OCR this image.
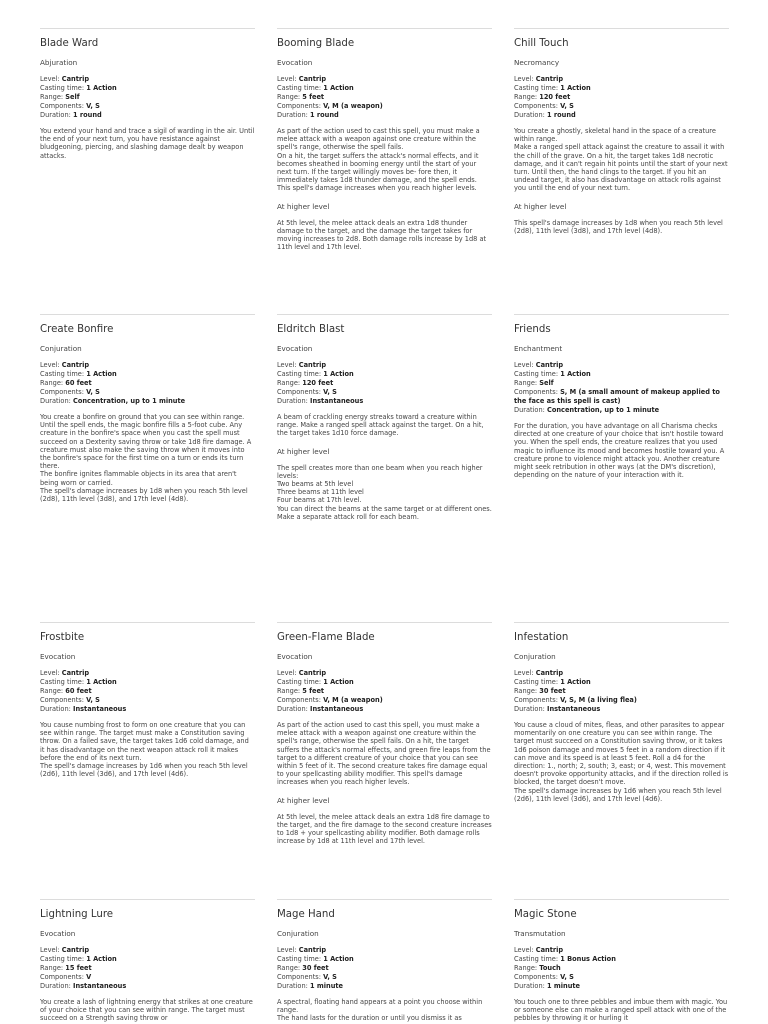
Blade Ward
Abjuration
Level: Cantrip
Casting time: 1 Action
Range: Self
Components: V, S
Duration: 1 round

You extend your hand and trace a sigil of warding in the air. Until the end of your next turn, you have resistance against bludgeoning, piercing, and slashing damage dealt by weapon attacks.

Booming Blade
Evocation
Level: Cantrip
Casting time: 1 Action
Range: 5 feet
Components: V, M (a weapon)
Duration: 1 round

As part of the action used to cast this spell, you must make a melee attack with a weapon against one creature within the spell's range, otherwise the spell fails.

On a hit, the target suffers the attack's normal effects, and it becomes sheathed in booming energy until the start of your next turn. If the target willingly moves be- fore then, it immediately takes 1d8 thunder damage, and the spell ends.

This spell's damage increases when you reach higher levels.

At higher level
At 5th level, the melee attack deals an extra 1d8 thunder damage to the target, and the damage the target takes for moving increases to 2d8. Both damage rolls increase by 1d8 at 11th level and 17th level.
Chill Touch
Necromancy
Level: Cantrip
Casting time: 1 Action
Range: 120 feet
Components: V, S
Duration: 1 round

You create a ghostly, skeletal hand in the space of a creature within range.

Make a ranged spell attack against the creature to assail it with the chill of the grave. On a hit, the target takes 1d8 necrotic damage, and it can't regain hit points until the start of your next turn. Until then, the hand clings to the target. If you hit an undead target, it also has disadvantage on attack rolls against you until the end of your next turn.

At higher level
This spell's damage increases by 1d8 when you reach 5th level (2d8), 11th level (3d8), and 17th level (4d8).
Create Bonfire
Conjuration
Level: Cantrip
Casting time: 1 Action
Range: 60 feet
Components: V, S
Duration: Concentration, up to 1 minute

You create a bonfire on ground that you can see within range. Until the spell ends, the magic bonfire fills a 5-foot cube. Any creature in the bonfire's space when you cast the spell must succeed on a Dexterity saving throw or take 1d8 fire damage. A creature must also make the saving throw when it moves into the bonfire's space for the first time on a turn or ends its turn there.

The bonfire ignites flammable objects in its area that aren't being worn or carried.

The spell's damage increases by 1d8 when you reach 5th level (2d8), 11th level (3d8), and 17th level (4d8).

Eldritch Blast
Evocation
Level: Cantrip
Casting time: 1 Action
Range: 120 feet
Components: V, S
Duration: Instantaneous

A beam of crackling energy streaks toward a creature within range. Make a ranged spell attack against the target. On a hit, the target takes 1d10 force damage.

At higher level

The spell creates more than one beam when you reach higher levels:

Two beams at 5th level

Three beams at 11th level

Four beams at 17th level.

You can direct the beams at the same target or at different ones. Make a separate attack roll for each beam.

Friends
Enchantment
Level: Cantrip
Casting time: 1 Action
Range: Self
Components: S, M (a small amount of makeup applied to the face as this spell is cast)
Duration: Concentration, up to 1 minute

For the duration, you have advantage on all Charisma checks directed at one creature of your choice that isn't hostile toward you. When the spell ends, the creature realizes that you used magic to influence its mood and becomes hostile toward you. A creature prone to violence might attack you. Another creature might seek retribution in other ways (at the DM's discretion), depending on the nature of your interaction with it.

Frostbite
Evocation
Level: Cantrip
Casting time: 1 Action
Range: 60 feet
Components: V, S
Duration: Instantaneous

You cause numbing frost to form on one creature that you can see within range. The target must make a Constitution saving throw. On a failed save, the target takes 1d6 cold damage, and it has disadvantage on the next weapon attack roll it makes before the end of its next turn.

The spell's damage increases by 1d6 when you reach 5th level (2d6), 11th level (3d6), and 17th level (4d6).

Green-Flame Blade
Evocation
Level: Cantrip
Casting time: 1 Action
Range: 5 feet
Components: V, M (a weapon)
Duration: Instantaneous

As part of the action used to cast this spell, you must make a melee attack with a weapon against one creature within the spell's range, otherwise the spell fails. On a hit, the target suffers the attack's normal effects, and green fire leaps from the target to a different creature of your choice that you can see within 5 feet of it. The second creature takes fire damage equal to your spellcasting ability modifier. This spell's damage increases when you reach higher levels.

At higher level
At 5th level, the melee attack deals an extra 1d8 fire damage to the target, and the fire damage to the second creature increases to 1d8 + your spellcasting ability modifier. Both damage rolls increase by 1d8 at 11th level and 17th level.
Infestation
Conjuration
Level: Cantrip
Casting time: 1 Action
Range: 30 feet
Components: V, S, M (a living flea)
Duration: Instantaneous

You cause a cloud of mites, fleas, and other parasites to appear momentarily on one creature you can see within range. The target must succeed on a Constitution saving throw, or it takes 1d6 poison damage and moves 5 feet in a random direction if it can move and its speed is at least 5 feet. Roll a d4 for the direction: 1., north; 2, south; 3, east; or 4, west. This movement doesn't provoke opportunity attacks, and if the direction rolled is blocked, the target doesn't move.

The spell's damage increases by 1d6 when you reach 5th level (2d6), 11th level (3d6), and 17th level (4d6).

Lightning Lure
Evocation
Level: Cantrip
Casting time: 1 Action
Range: 15 feet
Components: V
Duration: Instantaneous

You create a lash of lightning energy that strikes at one creature of your choice that you can see within range. The target must succeed on a Strength saving throw or

Mage Hand
Conjuration
Level: Cantrip
Casting time: 1 Action
Range: 30 feet
Components: V, S
Duration: 1 minute

A spectral, floating hand appears at a point you choose within range.

The hand lasts for the duration or until you dismiss it as

Magic Stone
Transmutation
Level: Cantrip
Casting time: 1 Bonus Action
Range: Touch
Components: V, S
Duration: 1 minute

You touch one to three pebbles and imbue them with magic. You or someone else can make a ranged spell attack with one of the pebbles by throwing it or hurling it
